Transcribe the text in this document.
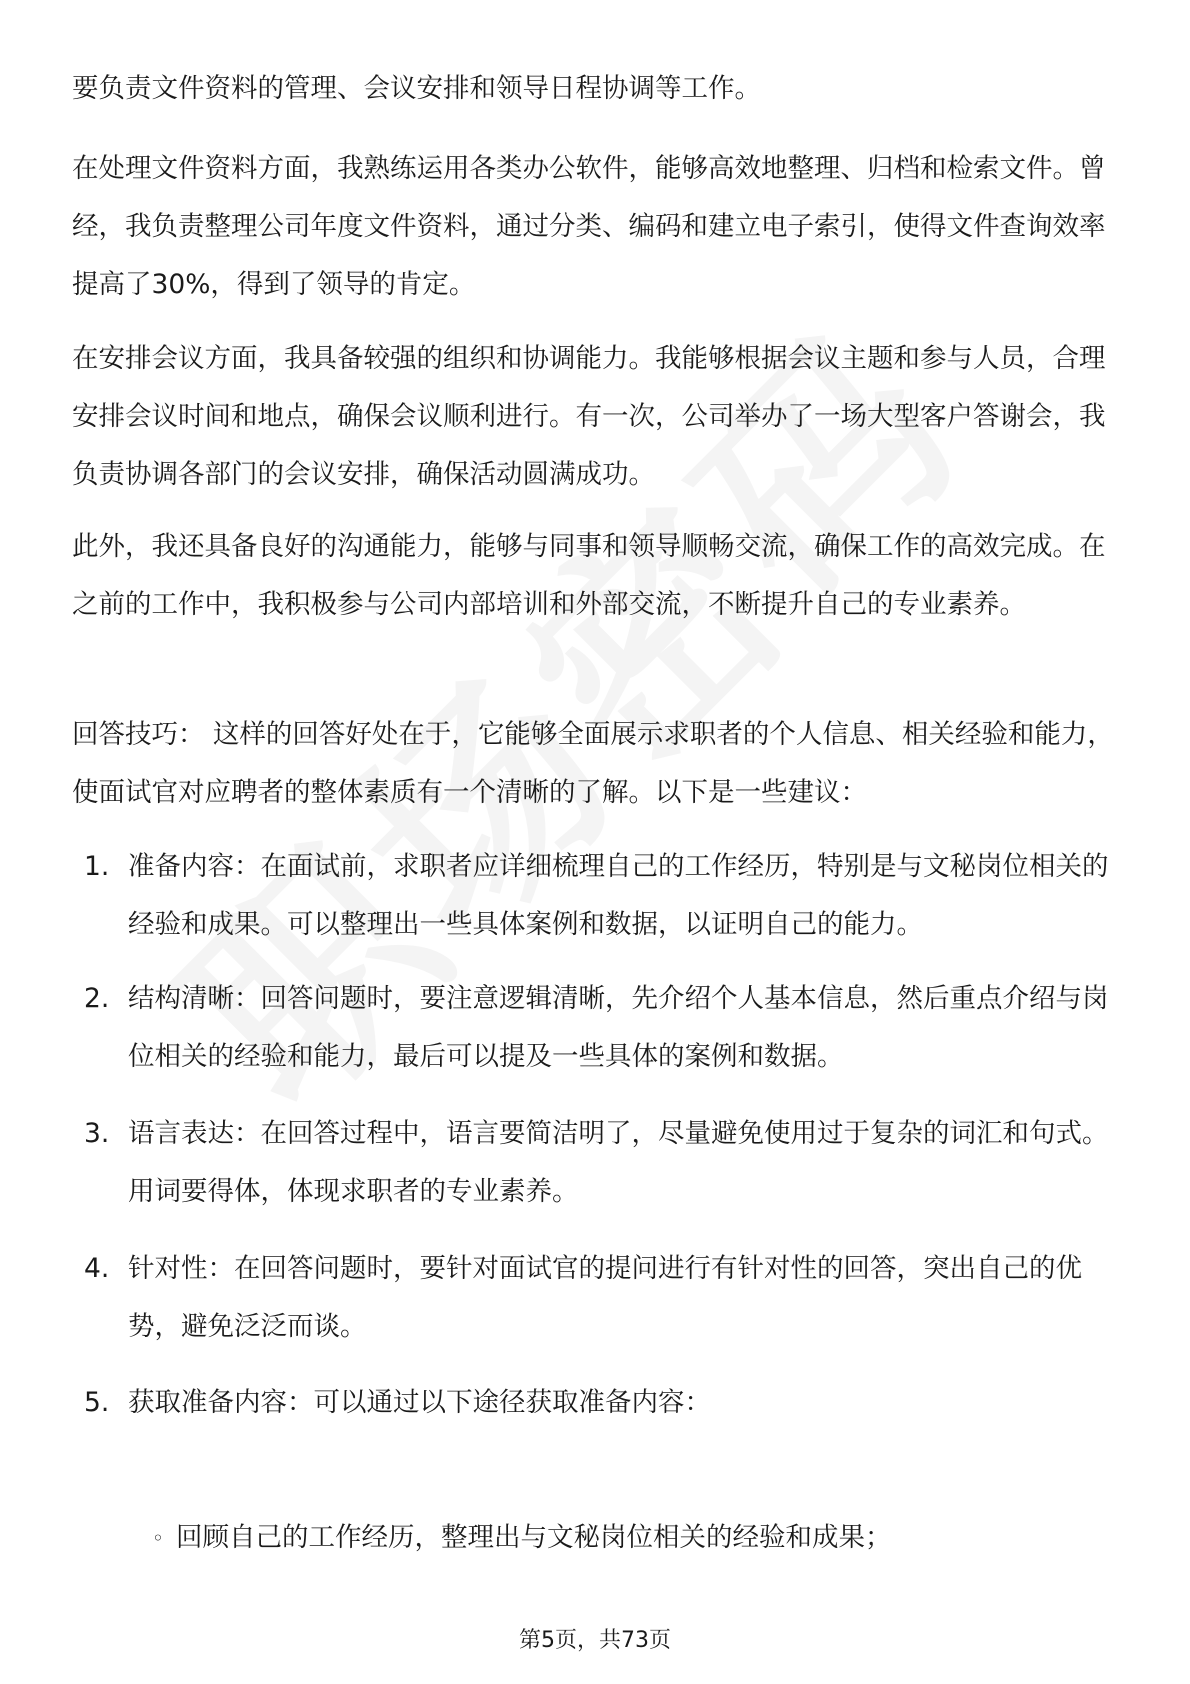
要负责文件资料的管理、会议安排和领导日程协调等工作。

在处理文件资料方面，我熟练运用各类办公软件，能够高效地整理、归档和检索文件。曾经，我负责整理公司年度文件资料，通过分类、编码和建立电子索引，使得文件查询效率提高了30%，得到了领导的肯定。

在安排会议方面，我具备较强的组织和协调能力。我能够根据会议主题和参与人员，合理安排会议时间和地点，确保会议顺利进行。有一次，公司举办了一场大型客户答谢会，我负责协调各部门的会议安排，确保活动圆满成功。

此外，我还具备良好的沟通能力，能够与同事和领导顺畅交流，确保工作的高效完成。在之前的工作中，我积极参与公司内部培训和外部交流，不断提升自己的专业素养。

回答技巧： 这样的回答好处在于，它能够全面展示求职者的个人信息、相关经验和能力，使面试官对应聘者的整体素质有一个清晰的了解。以下是一些建议：

1. 准备内容：在面试前，求职者应详细梳理自己的工作经历，特别是与文秘岗位相关的经验和成果。可以整理出一些具体案例和数据，以证明自己的能力。
2. 结构清晰：回答问题时，要注意逻辑清晰，先介绍个人基本信息，然后重点介绍与岗位相关的经验和能力，最后可以提及一些具体的案例和数据。
3. 语言表达：在回答过程中，语言要简洁明了，尽量避免使用过于复杂的词汇和句式。用词要得体，体现求职者的专业素养。
4. 针对性：在回答问题时，要针对面试官的提问进行有针对性的回答，突出自己的优势，避免泛泛而谈。
5. 获取准备内容：可以通过以下途径获取准备内容：
◦ 回顾自己的工作经历，整理出与文秘岗位相关的经验和成果；
第5页，共73页
